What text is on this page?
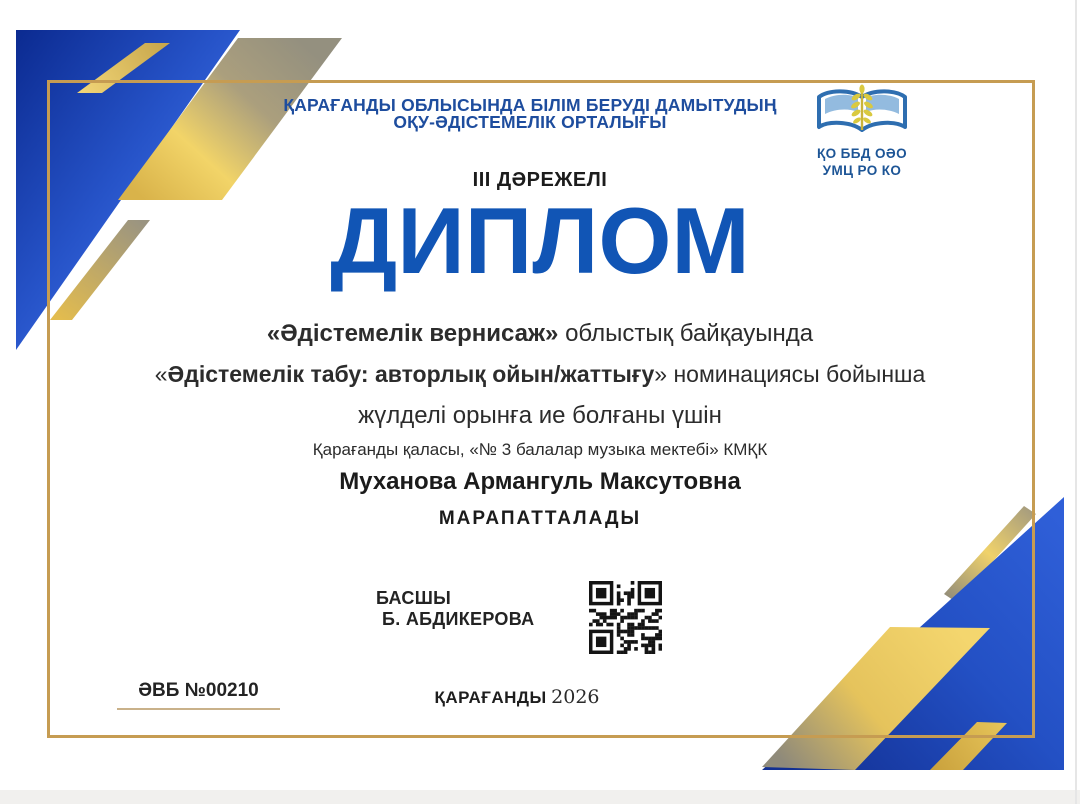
ҚАРАҒАНДЫ ОБЛЫСЫНДА БІЛІМ БЕРУДІ ДАМЫТУДЫҢ
ОҚУ-ӘДІСТЕМЕЛІК ОРТАЛЫҒЫ
ҚО ББД ОӘО
УМЦ РО КО
III ДӘРЕЖЕЛІ
ДИПЛОМ
«Әдістемелік вернисаж» облыстық байқауында
«Әдістемелік табу: авторлық ойын/жаттығу» номинациясы бойынша
жүлделі орынға ие болғаны үшін
Қарағанды қаласы, «№ 3 балалар музыка мектебі» КМҚК
Муханова Армангуль Максутовна
МАРАПАТТАЛАДЫ
БАСШЫ
Б. АБДИКЕРОВА
ӘВБ №00210	ҚАРАҒАНДЫ 2026
